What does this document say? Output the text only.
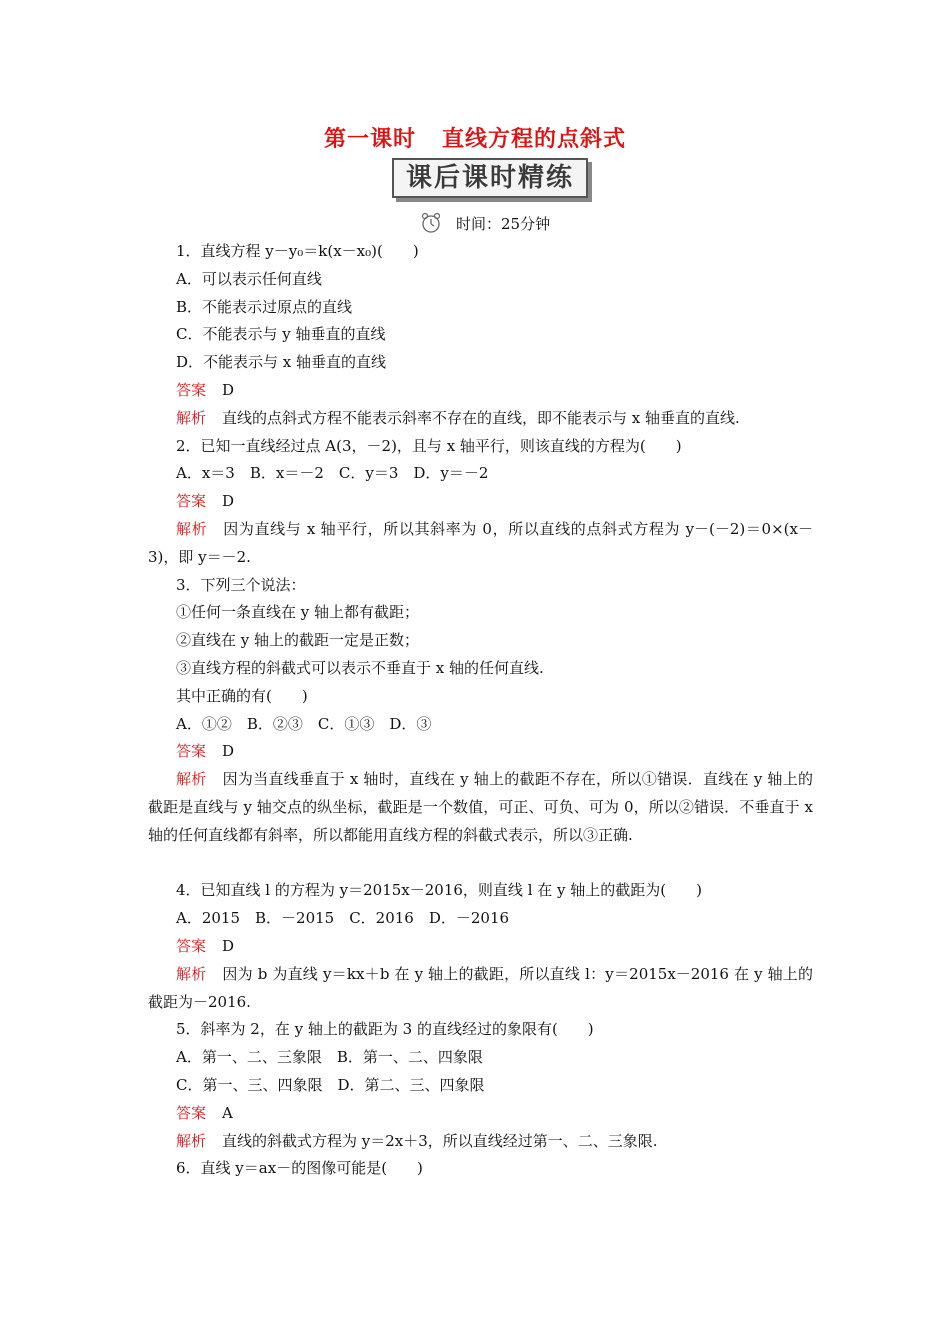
第一课时 直线方程的点斜式
课后课时精练
时间：25分钟
1．直线方程 y－y₀＝k(x－x₀)(　　)
A．可以表示任何直线
B．不能表示过原点的直线
C．不能表示与 y 轴垂直的直线
D．不能表示与 x 轴垂直的直线
答案 D
解析 直线的点斜式方程不能表示斜率不存在的直线，即不能表示与 x 轴垂直的直线.
2．已知一直线经过点 A(3，－2)，且与 x 轴平行，则该直线的方程为(　　)
A．x＝3　B．x＝－2　C．y＝3　D．y＝－2
答案 D
解析 因为直线与 x 轴平行，所以其斜率为 0，所以直线的点斜式方程为 y－(－2)＝0×(x－3)，即 y＝－2.
3．下列三个说法：
①任何一条直线在 y 轴上都有截距；
②直线在 y 轴上的截距一定是正数；
③直线方程的斜截式可以表示不垂直于 x 轴的任何直线.
其中正确的有(　　)
A．①②　B．②③　C．①③　D．③
答案 D
解析 因为当直线垂直于 x 轴时，直线在 y 轴上的截距不存在，所以①错误．直线在 y 轴上的截距是直线与 y 轴交点的纵坐标，截距是一个数值，可正、可负、可为 0，所以②错误．不垂直于 x 轴的任何直线都有斜率，所以都能用直线方程的斜截式表示，所以③正确.
4．已知直线 l 的方程为 y＝2015x－2016，则直线 l 在 y 轴上的截距为(　　)
A．2015　B．－2015　C．2016　D．－2016
答案 D
解析 因为 b 为直线 y＝kx＋b 在 y 轴上的截距，所以直线 l：y＝2015x－2016 在 y 轴上的截距为－2016.
5．斜率为 2，在 y 轴上的截距为 3 的直线经过的象限有(　　)
A．第一、二、三象限　B．第一、二、四象限
C．第一、三、四象限　D．第二、三、四象限
答案 A
解析 直线的斜截式方程为 y＝2x＋3，所以直线经过第一、二、三象限.
6．直线 y＝ax－的图像可能是(　　)
